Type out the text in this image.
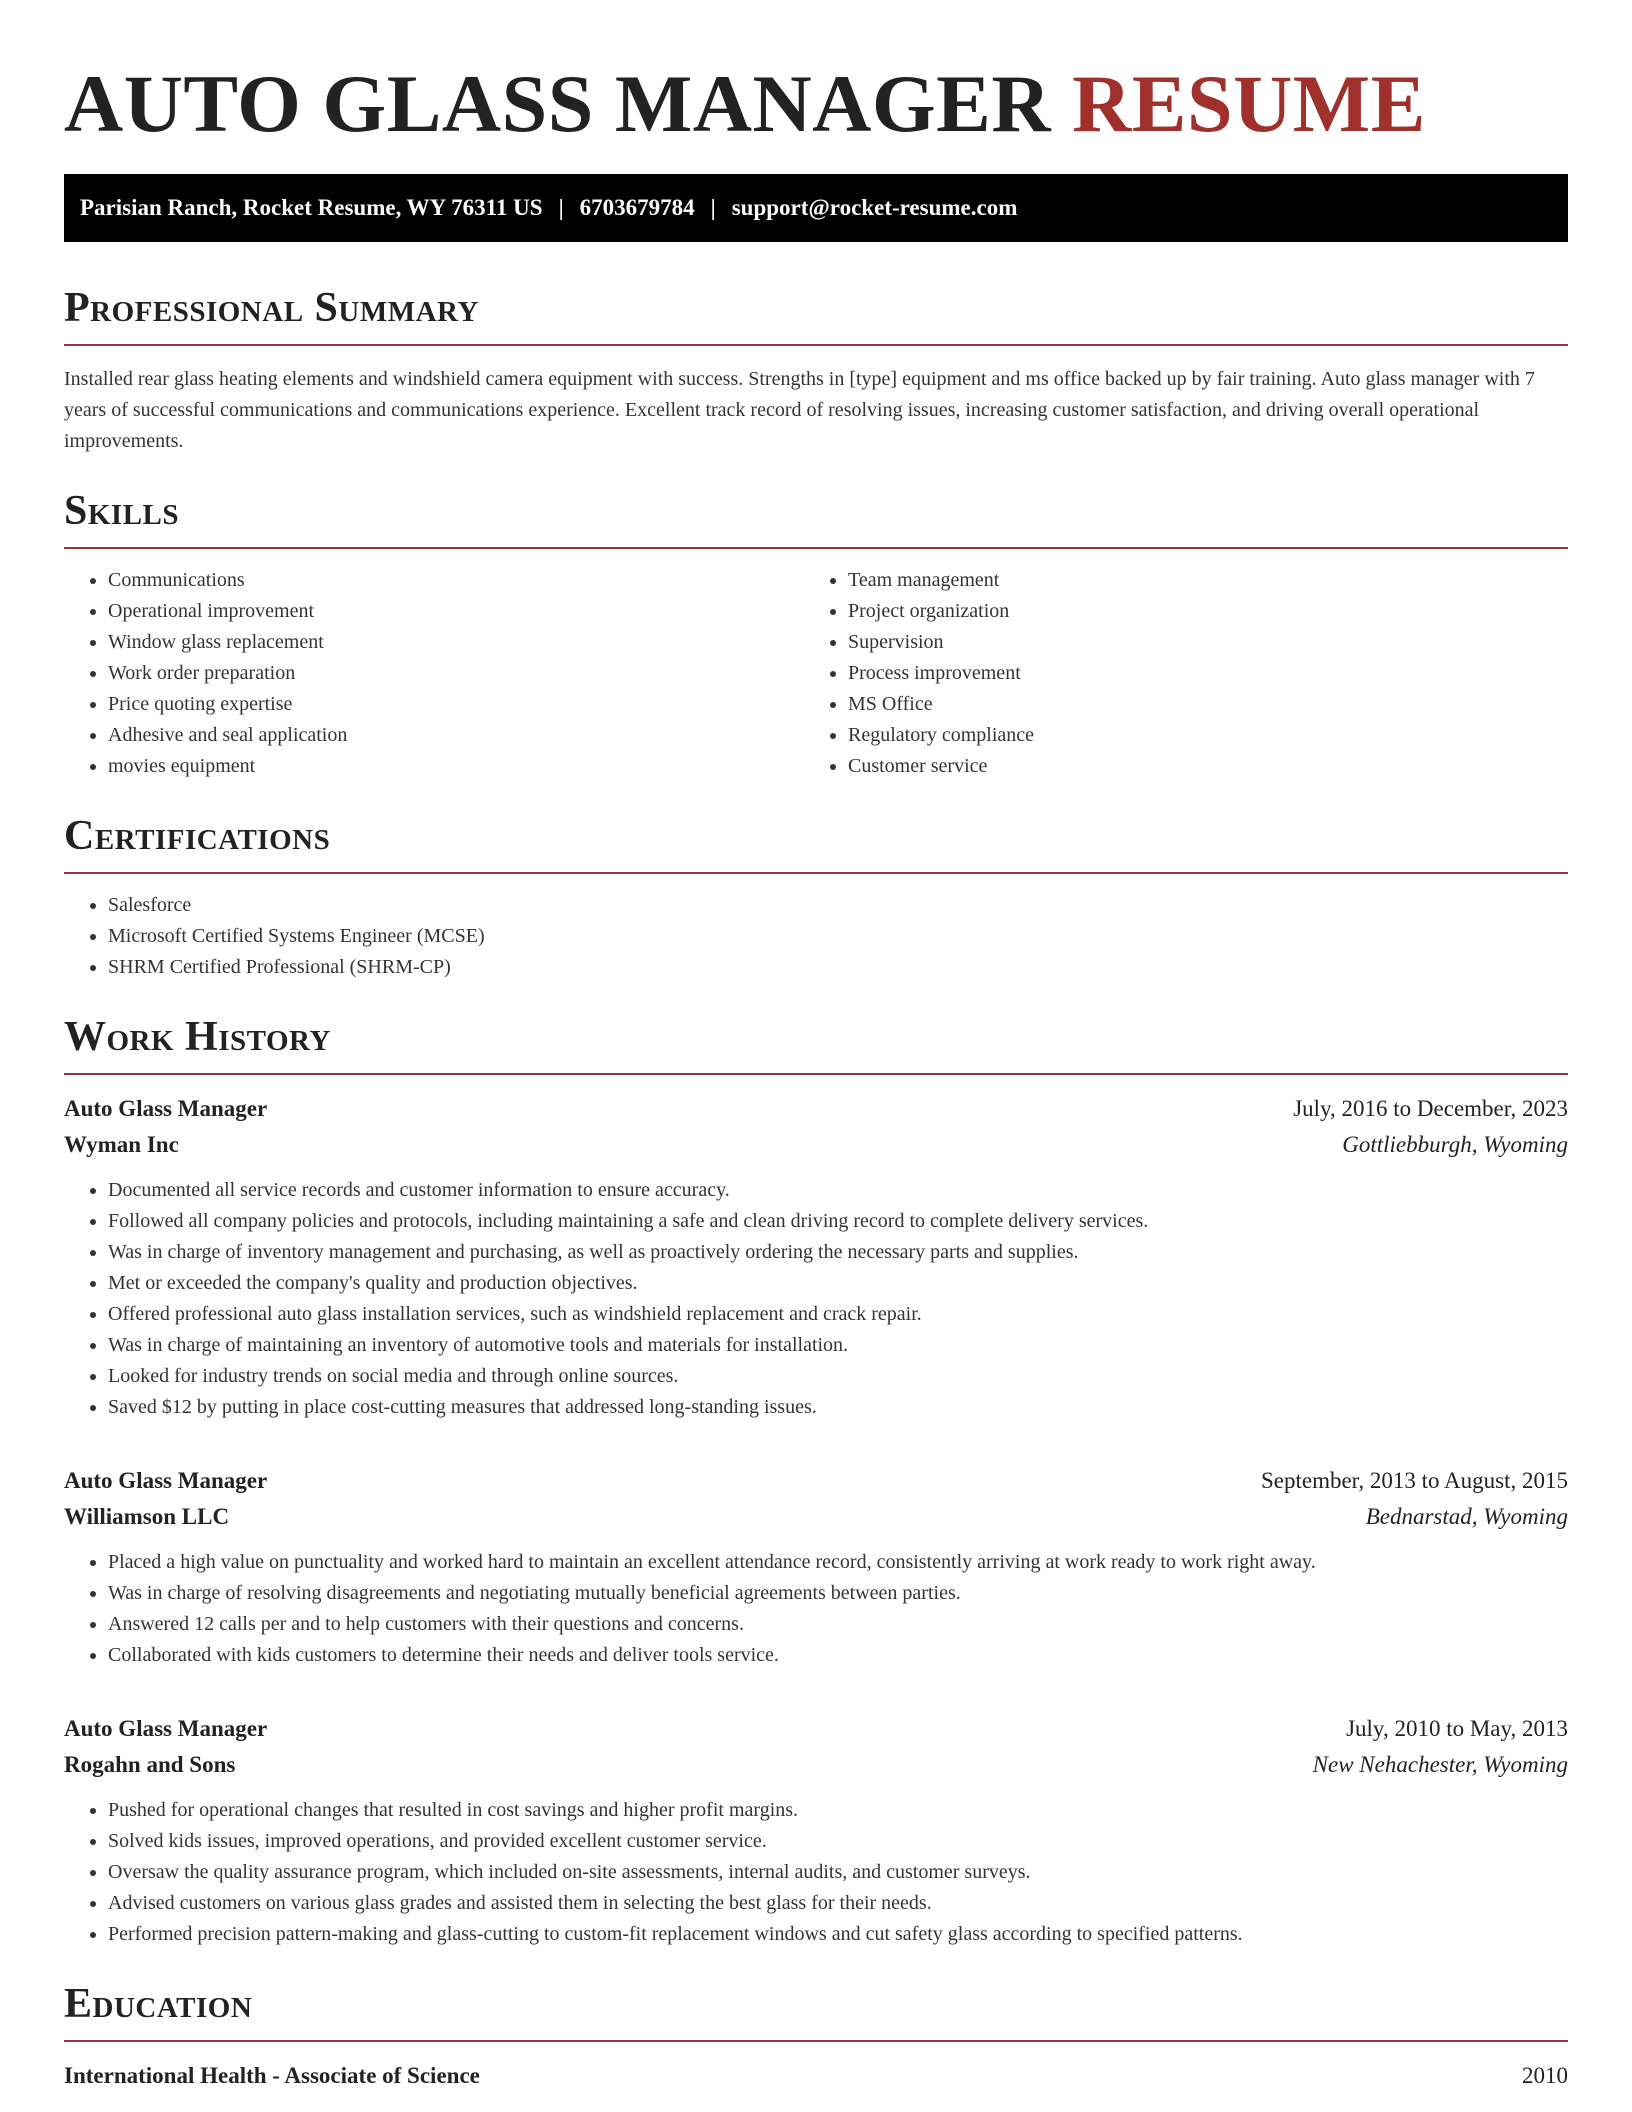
AUTO GLASS MANAGER RESUME
Parisian Ranch, Rocket Resume, WY 76311 US | 6703679784 | support@rocket-resume.com
Professional Summary

Installed rear glass heating elements and windshield camera equipment with success. Strengths in [type] equipment and ms office backed up by fair training. Auto glass manager with 7 years of successful communications and communications experience. Excellent track record of resolving issues, increasing customer satisfaction, and driving overall operational improvements.

Skills
• Communications
• Operational improvement
• Window glass replacement
• Work order preparation
• Price quoting expertise
• Adhesive and seal application
• movies equipment
• Team management
• Project organization
• Supervision
• Process improvement
• MS Office
• Regulatory compliance
• Customer service
Certifications
• Salesforce
• Microsoft Certified Systems Engineer (MCSE)
• SHRM Certified Professional (SHRM-CP)
Work History
Auto Glass Manager	July, 2016 to December, 2023
Wyman Inc	Gottliebburgh, Wyoming
• Documented all service records and customer information to ensure accuracy.
• Followed all company policies and protocols, including maintaining a safe and clean driving record to complete delivery services.
• Was in charge of inventory management and purchasing, as well as proactively ordering the necessary parts and supplies.
• Met or exceeded the company's quality and production objectives.
• Offered professional auto glass installation services, such as windshield replacement and crack repair.
• Was in charge of maintaining an inventory of automotive tools and materials for installation.
• Looked for industry trends on social media and through online sources.
• Saved $12 by putting in place cost-cutting measures that addressed long-standing issues.
Auto Glass Manager	September, 2013 to August, 2015
Williamson LLC	Bednarstad, Wyoming
• Placed a high value on punctuality and worked hard to maintain an excellent attendance record, consistently arriving at work ready to work right away.
• Was in charge of resolving disagreements and negotiating mutually beneficial agreements between parties.
• Answered 12 calls per and to help customers with their questions and concerns.
• Collaborated with kids customers to determine their needs and deliver tools service.
Auto Glass Manager	July, 2010 to May, 2013
Rogahn and Sons	New Nehachester, Wyoming
• Pushed for operational changes that resulted in cost savings and higher profit margins.
• Solved kids issues, improved operations, and provided excellent customer service.
• Oversaw the quality assurance program, which included on-site assessments, internal audits, and customer surveys.
• Advised customers on various glass grades and assisted them in selecting the best glass for their needs.
• Performed precision pattern-making and glass-cutting to custom-fit replacement windows and cut safety glass according to specified patterns.
Education
International Health - Associate of Science	2010
